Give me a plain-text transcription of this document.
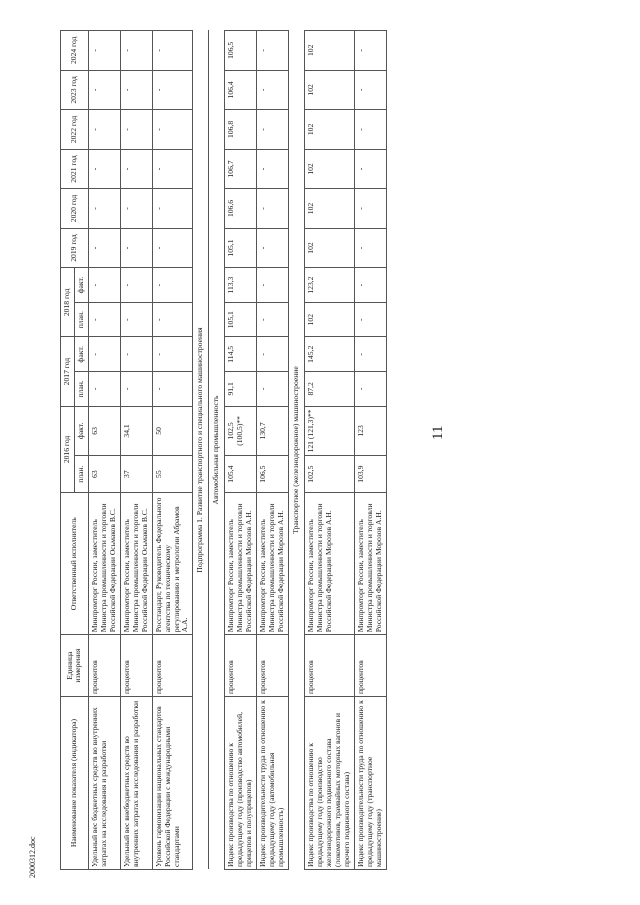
11
2000312.doc
Наименование показателя (индикатора)	Единица измерения	Ответственный исполнитель	2016 год		2017 год		2018 год		2019 год	2020 год	2021 год	2022 год	2023 год	2024 год
			план.	факт.	план.	факт.	план.	факт.						
Удельный вес бюджетных средств во внутренних затратах на исследования и разработки	процентов	Минпромторг России, заместитель Министра промышленности и торговли Российской Федерации Осьмаков В.С.	63	63	-	-	-	-	-	-	-	-	-	-
Удельный вес внебюджетных средств во внутренних затратах на исследования и разработки	процентов	Минпромторг России, заместитель Министра промышленности и торговли Российской Федерации Осьмаков В.С.	37	34,1	-	-	-	-	-	-	-	-	-	-
Уровень гармонизации национальных стандартов Российской Федерации с международными стандартами	процентов	Росстандарт, Руководитель Федерального агентства по техническому регулированию и метрологии Абрамов А.А.	55	50	-	-	-	-	-	-	-	-	-	-
Подпрограмма 1. Развитие транспортного и специального машиностроения														
Автомобильная промышленность														
Индекс производства по отношению к предыдущему году (производство автомобилей, прицепов и полуприцепов)	процентов	Минпромторг России, заместитель Министра промышленности и торговли Российской Федерации Морозов А.Н.	105,4	102,5 (100,5)**	91,1	114,5	105,1	113,3	105,1	106,6	106,7	106,8	106,4	106,5
Индекс производительности труда по отношению к предыдущему году (автомобильная промышленность)	процентов	Минпромторг России, заместитель Министра промышленности и торговли Российской Федерации Морозов А.Н.	106,5	130,7	-	-	-	-	-	-	-	-	-	-
Транспортное (железнодорожное) машиностроение														
Индекс производства по отношению к предыдущему году (производство железнодорожного подвижного состава (локомотивов, трамвайных моторных вагонов и прочего подвижного состава)	процентов	Минпромторг России, заместитель Министра промышленности и торговли Российской Федерации Морозов А.Н.	102,5	121 (121,3)**	87,2	145,2	102	123,2	102	102	102	102	102	102
Индекс производительности труда по отношению к предыдущему году (транспортное машиностроение)	процентов	Минпромторг России, заместитель Министра промышленности и торговли Российской Федерации Морозов А.Н.	103,9	123	-	-	-	-	-	-	-	-	-	-
